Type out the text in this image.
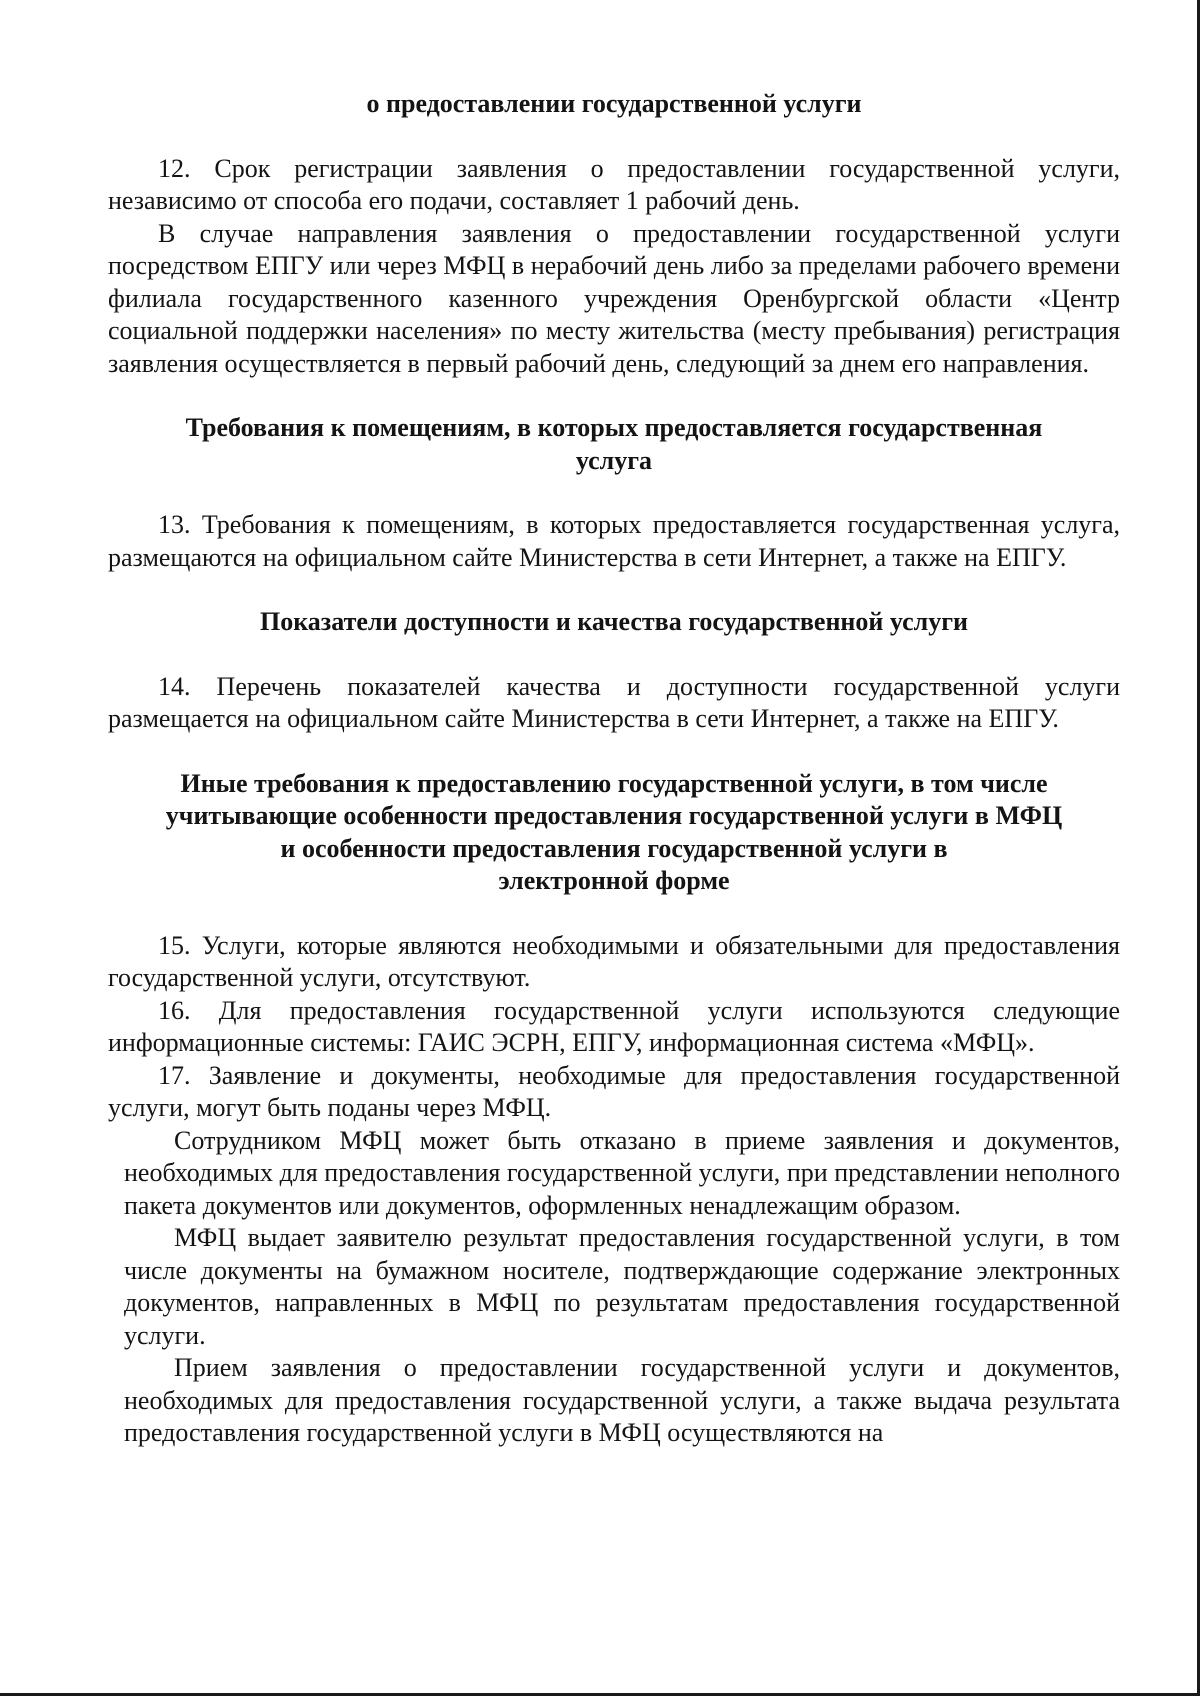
о предоставлении государственной услуги

12. Срок регистрации заявления о предоставлении государственной услуги, независимо от способа его подачи, составляет 1 рабочий день.

В случае направления заявления о предоставлении государственной услуги посредством ЕПГУ или через МФЦ в нерабочий день либо за пределами рабочего времени филиала государственного казенного учреждения Оренбургской области «Центр социальной поддержки населения» по месту жительства (месту пребывания) регистрация заявления осуществляется в первый рабочий день, следующий за днем его направления.

Требования к помещениям, в которых предоставляется государственная
услуга

13. Требования к помещениям, в которых предоставляется государственная услуга, размещаются на официальном сайте Министерства в сети Интернет, а также на ЕПГУ.

Показатели доступности и качества государственной услуги

14. Перечень показателей качества и доступности государственной услуги размещается на официальном сайте Министерства в сети Интернет, а также на ЕПГУ.

Иные требования к предоставлению государственной услуги, в том числе
учитывающие особенности предоставления государственной услуги в МФЦ
и особенности предоставления государственной услуги в
электронной форме

15. Услуги, которые являются необходимыми и обязательными для предоставления государственной услуги, отсутствуют.

16. Для предоставления государственной услуги используются следующие информационные системы: ГАИС ЭСРН, ЕПГУ, информационная система «МФЦ».

17. Заявление и документы, необходимые для предоставления государственной услуги, могут быть поданы через МФЦ.

Сотрудником МФЦ может быть отказано в приеме заявления и документов, необходимых для предоставления государственной услуги, при представлении неполного пакета документов или документов, оформленных ненадлежащим образом.

МФЦ выдает заявителю результат предоставления государственной услуги, в том числе документы на бумажном носителе, подтверждающие содержание электронных документов, направленных в МФЦ по результатам предоставления государственной услуги.

Прием заявления о предоставлении государственной услуги и документов, необходимых для предоставления государственной услуги, а также выдача результата предоставления государственной услуги в МФЦ осуществляются на
